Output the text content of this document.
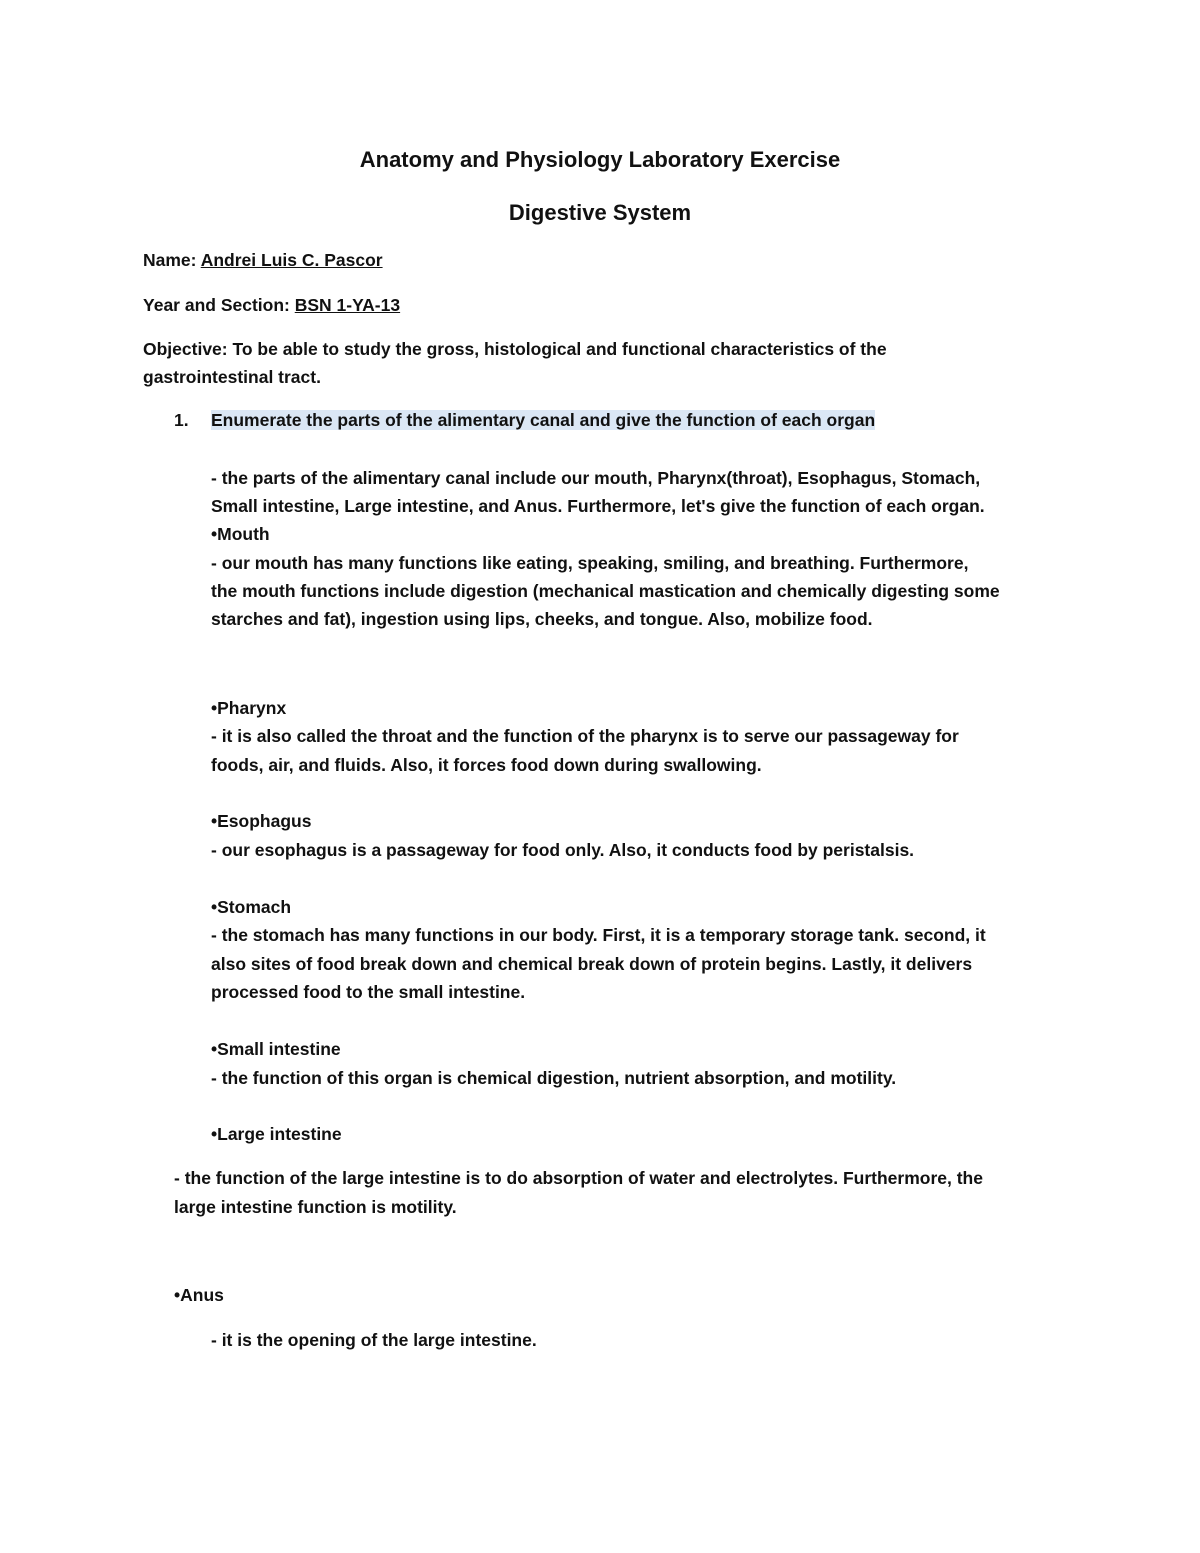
Anatomy and Physiology Laboratory Exercise
Digestive System
Name: Andrei Luis C. Pascor
Year and Section: BSN 1-YA-13
Objective: To be able to study the gross, histological and functional characteristics of the
gastrointestinal tract.
1. Enumerate the parts of the alimentary canal and give the function of each organ
- the parts of the alimentary canal include our mouth, Pharynx(throat), Esophagus, Stomach,
Small intestine, Large intestine, and Anus. Furthermore, let's give the function of each organ.
•Mouth
- our mouth has many functions like eating, speaking, smiling, and breathing. Furthermore,
the mouth functions include digestion (mechanical mastication and chemically digesting some
starches and fat), ingestion using lips, cheeks, and tongue. Also, mobilize food.
•Pharynx
- it is also called the throat and the function of the pharynx is to serve our passageway for
foods, air, and fluids. Also, it forces food down during swallowing.
•Esophagus
- our esophagus is a passageway for food only. Also, it conducts food by peristalsis.
•Stomach
- the stomach has many functions in our body. First, it is a temporary storage tank. second, it
also sites of food break down and chemical break down of protein begins. Lastly, it delivers
processed food to the small intestine.
•Small intestine
- the function of this organ is chemical digestion, nutrient absorption, and motility.
•Large intestine
- the function of the large intestine is to do absorption of water and electrolytes. Furthermore, the
large intestine function is motility.
•Anus
- it is the opening of the large intestine.
